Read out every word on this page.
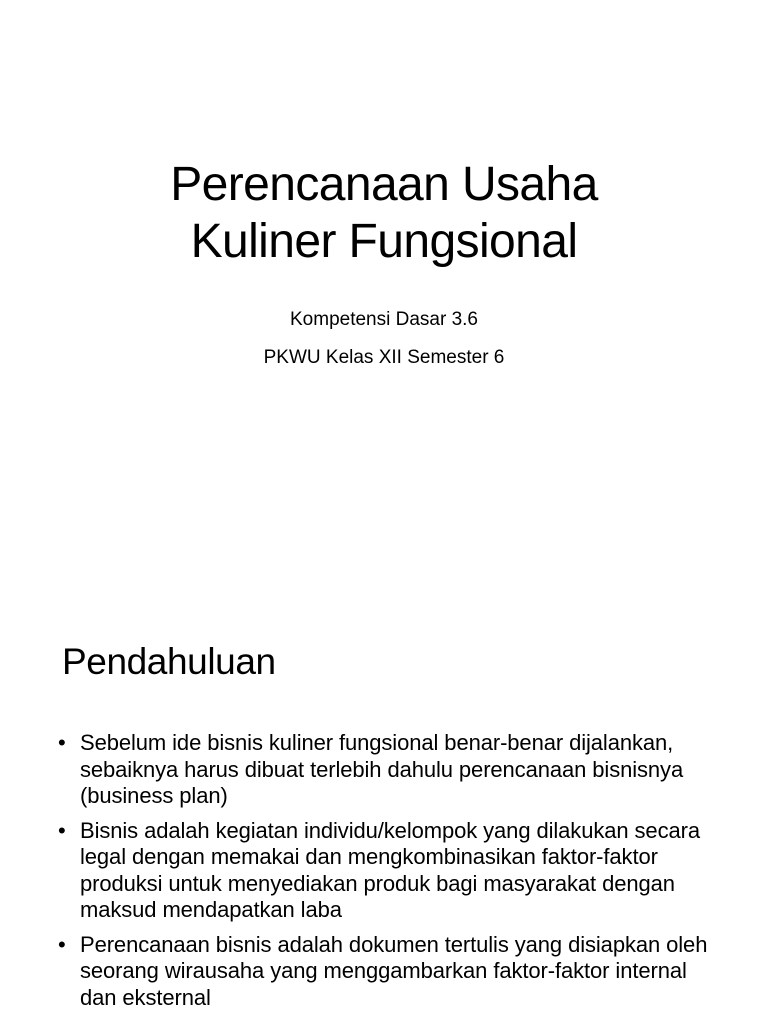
Perencanaan Usaha
Kuliner Fungsional

Kompetensi Dasar 3.6

PKWU Kelas XII Semester 6

Pendahuluan
• Sebelum ide bisnis kuliner fungsional benar-benar dijalankan, sebaiknya harus dibuat terlebih dahulu perencanaan bisnisnya (business plan)
• Bisnis adalah kegiatan individu/kelompok yang dilakukan secara legal dengan memakai dan mengkombinasikan faktor-faktor produksi untuk menyediakan produk bagi masyarakat dengan maksud mendapatkan laba
• Perencanaan bisnis adalah dokumen tertulis yang disiapkan oleh seorang wirausaha yang menggambarkan faktor-faktor internal dan eksternal
